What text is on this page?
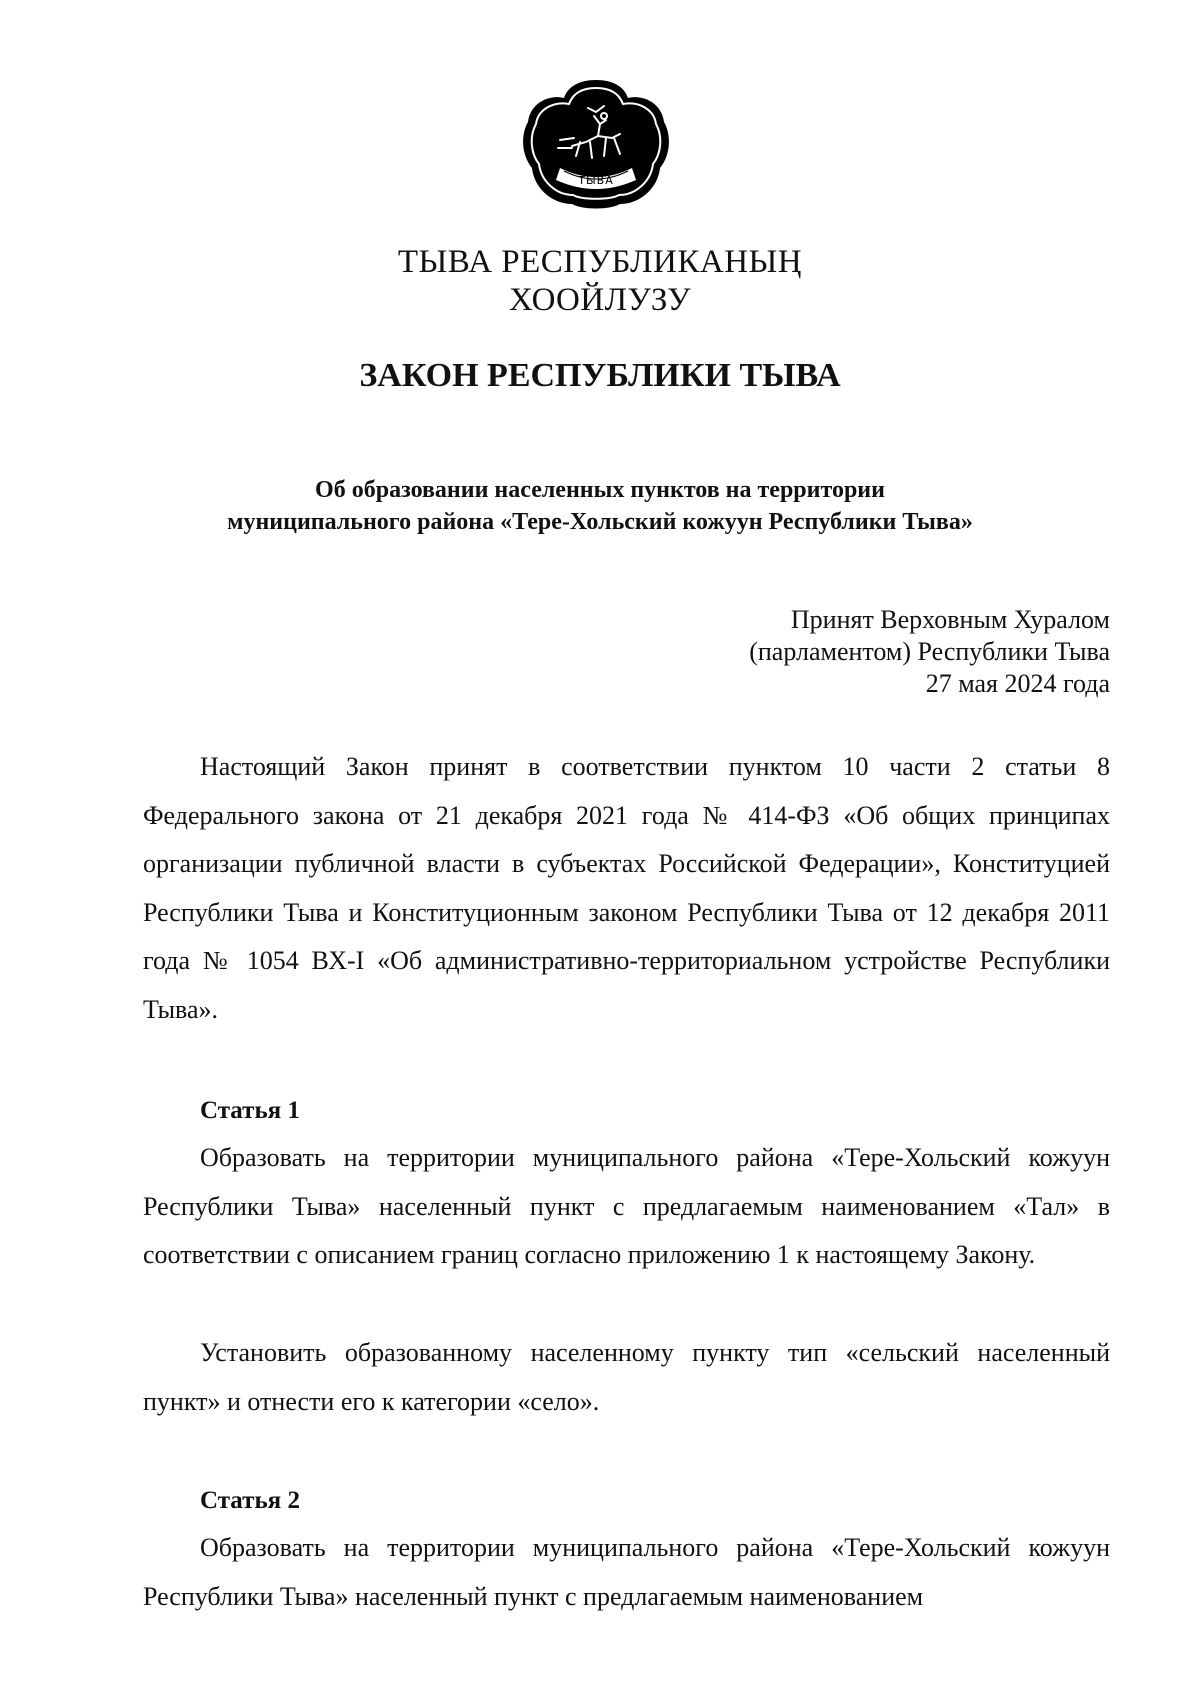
ТЫВА
ТЫВА РЕСПУБЛИКАНЫҢ
ХООЙЛУЗУ
ЗАКОН РЕСПУБЛИКИ ТЫВА
Об образовании населенных пунктов на территории
муниципального района «Тере-Хольский кожуун Республики Тыва»
Принят Верховным Хуралом
(парламентом) Республики Тыва
27 мая 2024 года
Настоящий Закон принят в соответствии пунктом 10 части 2 статьи 8 Федерального закона от 21 декабря 2021 года № 414-ФЗ «Об общих принципах организации публичной власти в субъектах Российской Федерации», Конституцией Республики Тыва и Конституционным законом Республики Тыва от 12 декабря 2011 года № 1054 ВХ-I «Об административно-территориальном устройстве Республики Тыва».
Статья 1
Образовать на территории муниципального района «Тере-Хольский кожуун Республики Тыва» населенный пункт с предлагаемым наименованием «Тал» в соответствии с описанием границ согласно приложению 1 к настоящему Закону.
Установить образованному населенному пункту тип «сельский населенный пункт» и отнести его к категории «село».
Статья 2
Образовать на территории муниципального района «Тере-Хольский кожуун Республики Тыва» населенный пункт с предлагаемым наименованием
